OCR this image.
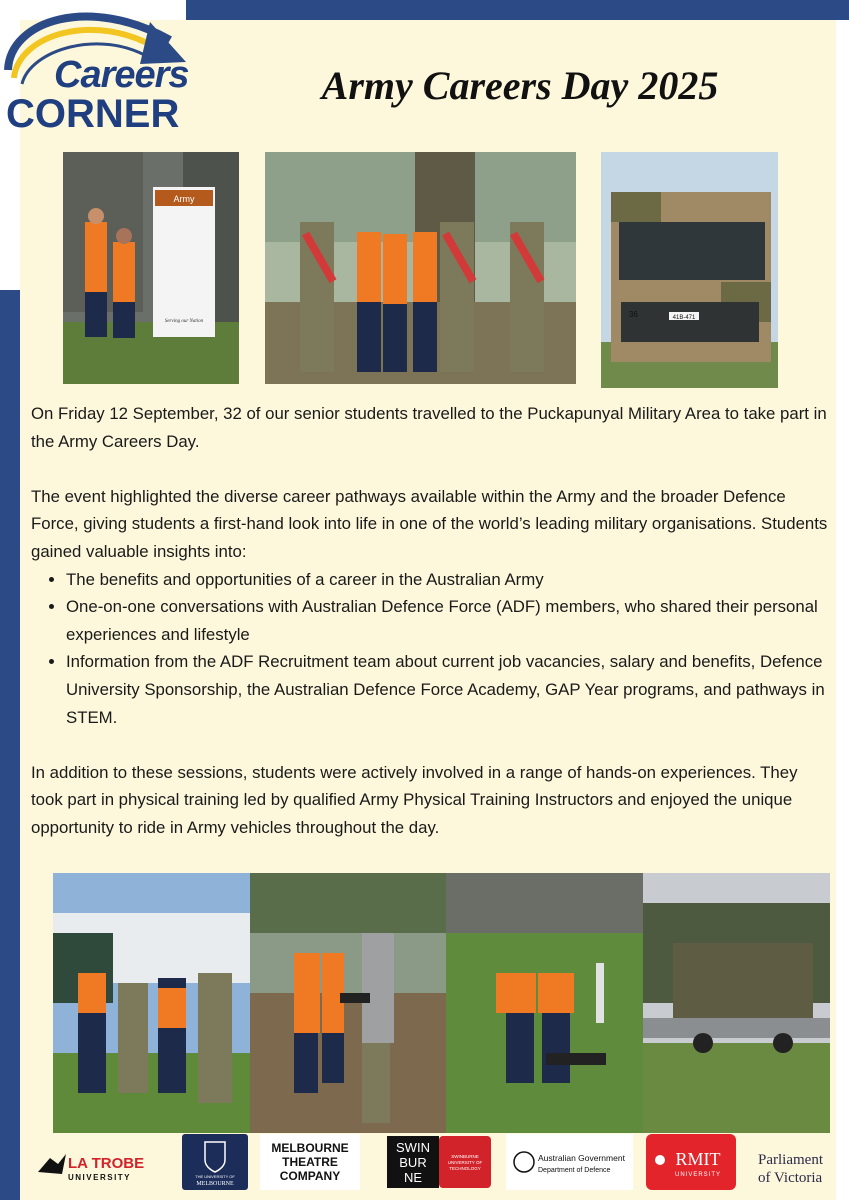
Careers
CORNER
Army Careers Day 2025
Army
Serving our Nation
41B-471
36

On Friday 12 September, 32 of our senior students travelled to the Puckapunyal Military Area to take part in the Army Careers Day.

The event highlighted the diverse career pathways available within the Army and the broader Defence Force, giving students a first-hand look into life in one of the world’s leading military organisations. Students gained valuable insights into:

• The benefits and opportunities of a career in the Australian Army
• One-on-one conversations with Australian Defence Force (ADF) members, who shared their personal experiences and lifestyle
• Information from the ADF Recruitment team about current job vacancies, salary and benefits, Defence University Sponsorship, the Australian Defence Force Academy, GAP Year programs, and pathways in STEM.

In addition to these sessions, students were actively involved in a range of hands-on experiences. They took part in physical training led by qualified Army Physical Training Instructors and enjoyed the unique opportunity to ride in Army vehicles throughout the day.

LA TROBE
UNIVERSITY	THE UNIVERSITY OF
MELBOURNE
MELBOURNE
THEATRE
COMPANY
SWIN
BUR
NE
SWINBURNE
UNIVERSITY OF
TECHNOLOGY
Australian Government
Department of Defence
RMIT
UNIVERSITY
Parliament
of Victoria
